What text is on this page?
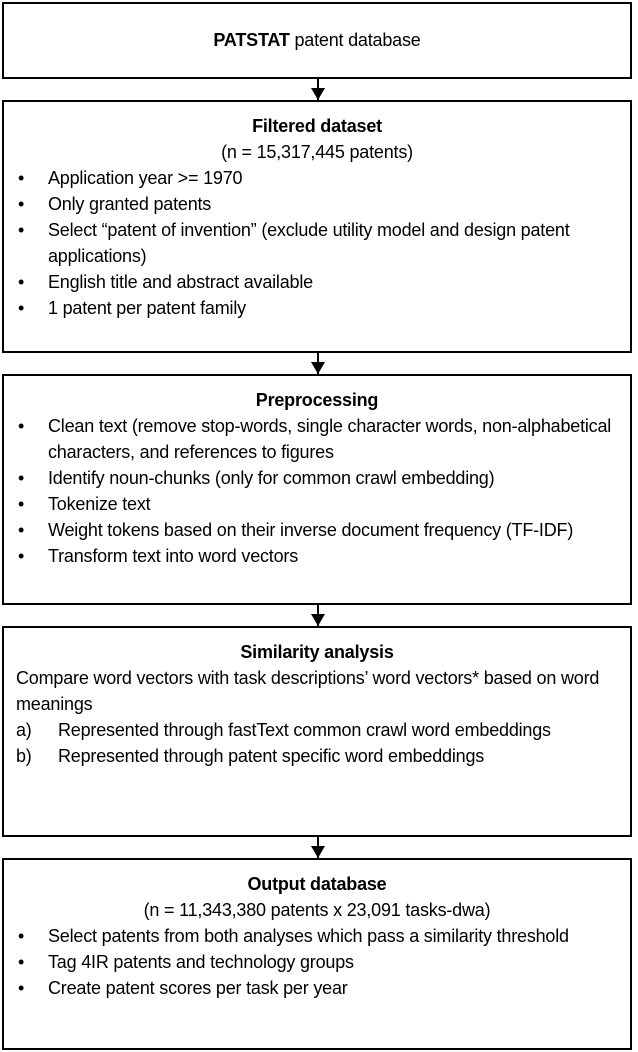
PATSTAT patent database
Filtered dataset
(n = 15,317,445 patents)
•	Application year >= 1970
•	Only granted patents
•	Select “patent of invention” (exclude utility model and design patent applications)
•	English title and abstract available
•	1 patent per patent family
Preprocessing
•	Clean text (remove stop-words, single character words, non-alphabetical characters, and references to figures
•	Identify noun-chunks (only for common crawl embedding)
•	Tokenize text
•	Weight tokens based on their inverse document frequency (TF-IDF)
•	Transform text into word vectors
Similarity analysis
Compare word vectors with task descriptions’ word vectors* based on word meanings
a)	Represented through fastText common crawl word embeddings
b)	Represented through patent specific word embeddings
Output database
(n = 11,343,380 patents x 23,091 tasks-dwa)
•	Select patents from both analyses which pass a similarity threshold
•	Tag 4IR patents and technology groups
•	Create patent scores per task per year
